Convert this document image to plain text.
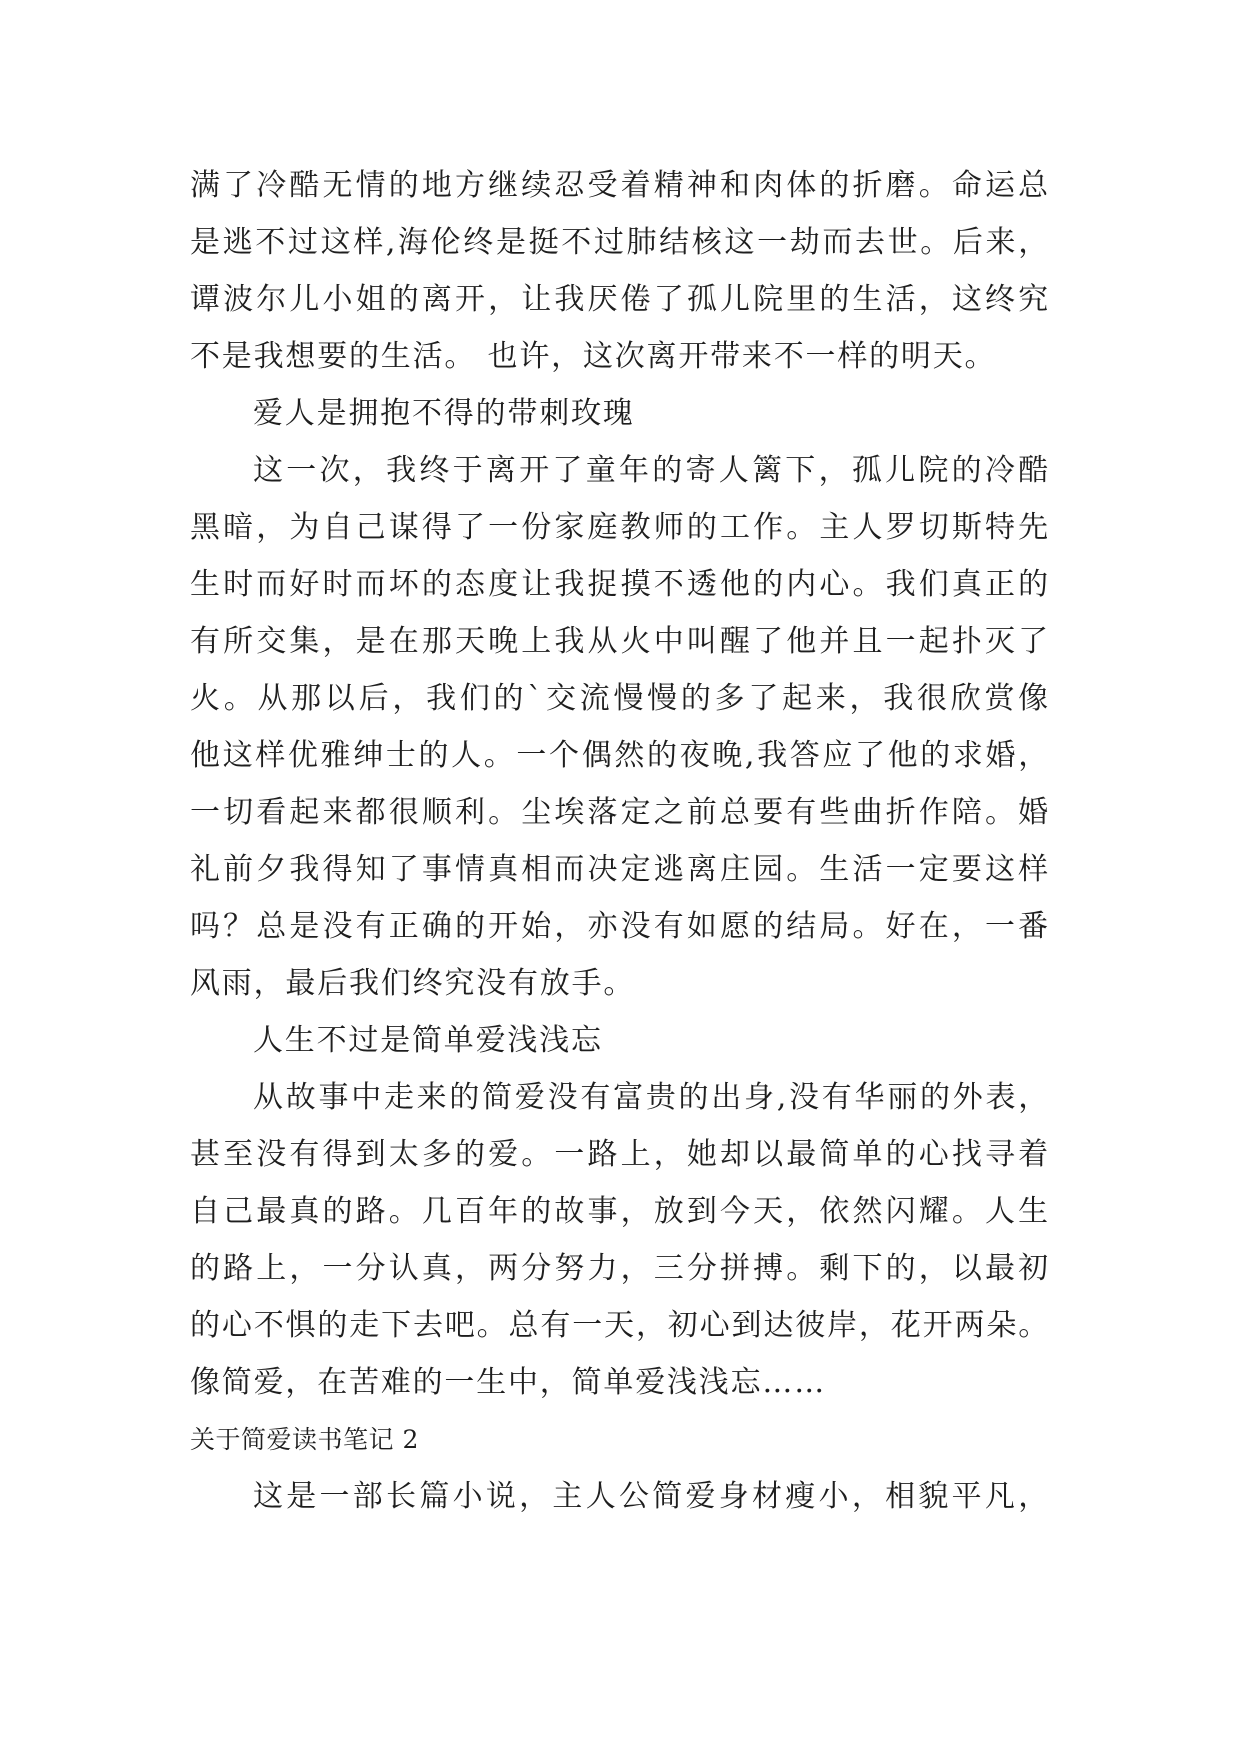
满了冷酷无情的地方继续忍受着精神和肉体的折磨。命运总
是逃不过这样,海伦终是挺不过肺结核这一劫而去世。后来，
谭波尔儿小姐的离开，让我厌倦了孤儿院里的生活，这终究
不是我想要的生活。 也许，这次离开带来不一样的明天。
爱人是拥抱不得的带刺玫瑰
这一次，我终于离开了童年的寄人篱下，孤儿院的冷酷
黑暗，为自己谋得了一份家庭教师的工作。主人罗切斯特先
生时而好时而坏的态度让我捉摸不透他的内心。我们真正的
有所交集，是在那天晚上我从火中叫醒了他并且一起扑灭了
火。从那以后，我们的`交流慢慢的多了起来，我很欣赏像
他这样优雅绅士的人。一个偶然的夜晚,我答应了他的求婚，
一切看起来都很顺利。尘埃落定之前总要有些曲折作陪。婚
礼前夕我得知了事情真相而决定逃离庄园。生活一定要这样
吗？总是没有正确的开始，亦没有如愿的结局。好在，一番
风雨，最后我们终究没有放手。
人生不过是简单爱浅浅忘
从故事中走来的简爱没有富贵的出身,没有华丽的外表，
甚至没有得到太多的爱。一路上，她却以最简单的心找寻着
自己最真的路。几百年的故事，放到今天，依然闪耀。人生
的路上，一分认真，两分努力，三分拼搏。剩下的，以最初
的心不惧的走下去吧。总有一天，初心到达彼岸，花开两朵。
像简爱，在苦难的一生中，简单爱浅浅忘……
关于简爱读书笔记 2
这是一部长篇小说，主人公简爱身材瘦小，相貌平凡，
